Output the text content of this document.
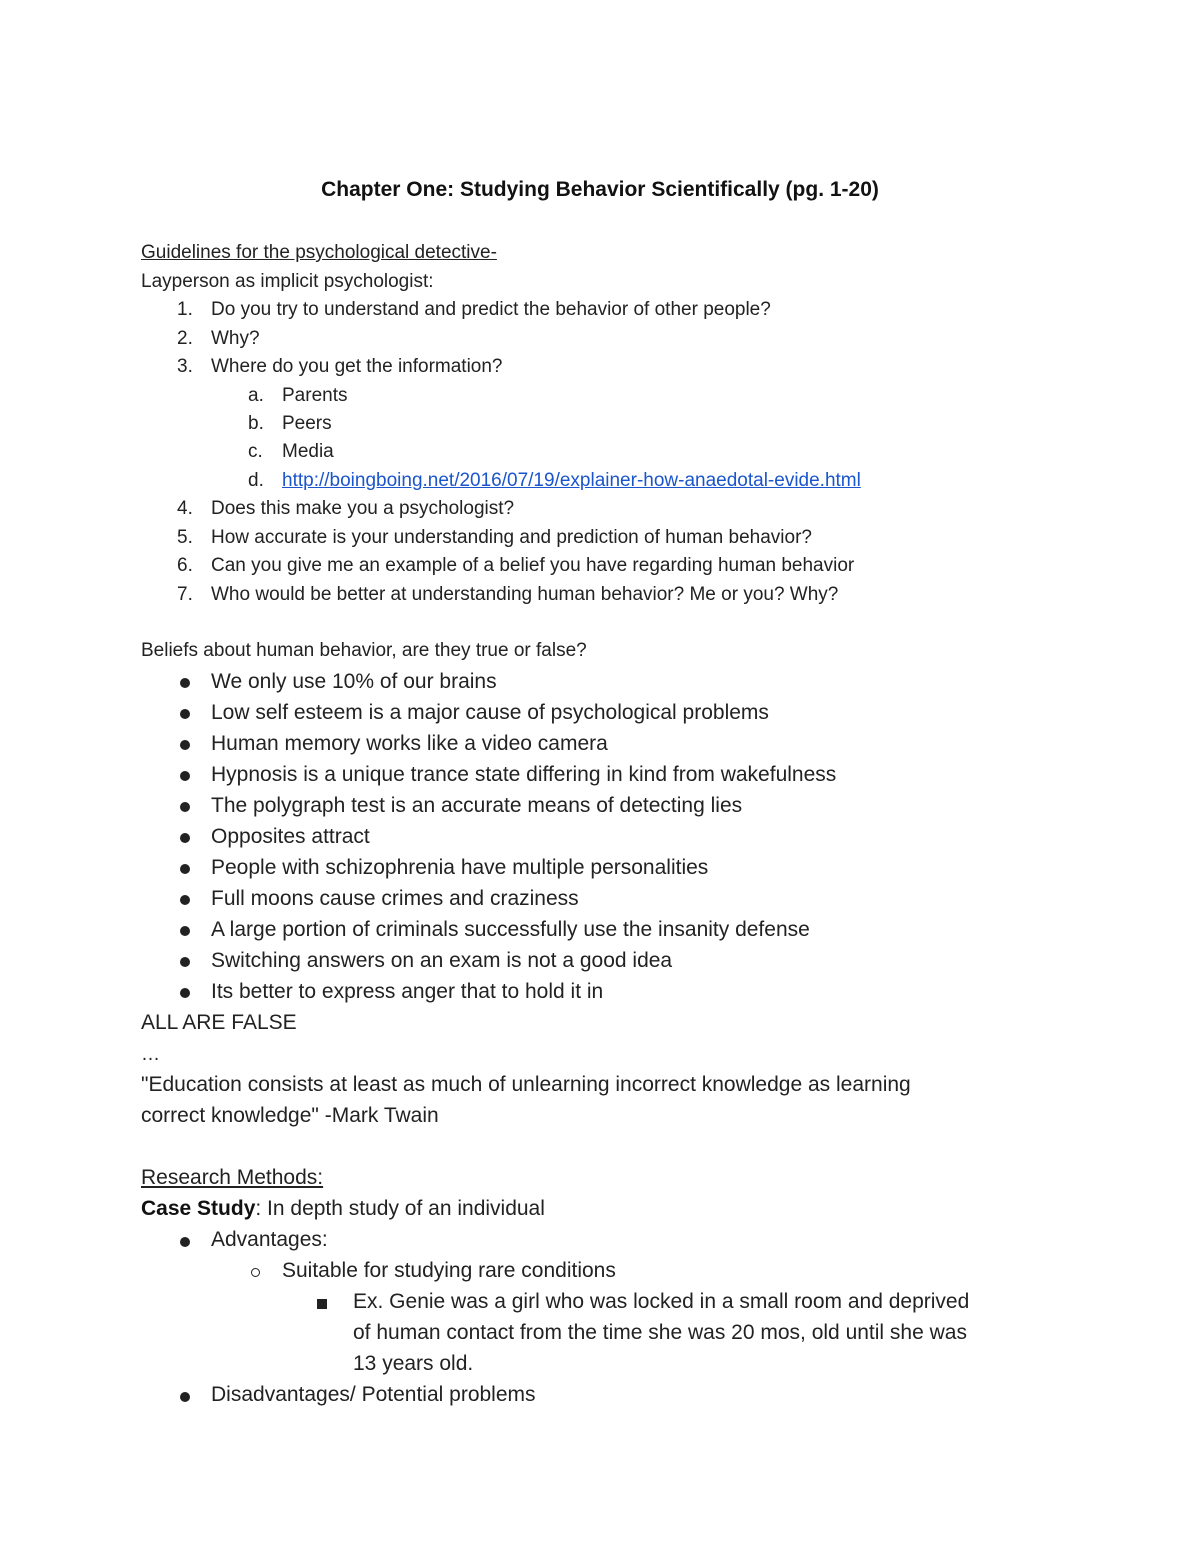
Chapter One: Studying Behavior Scientifically (pg. 1-20)
Guidelines for the psychological detective-
Layperson as implicit psychologist:
1. Do you try to understand and predict the behavior of other people?
2. Why?
3. Where do you get the information?
a. Parents
b. Peers
c. Media
d. http://boingboing.net/2016/07/19/explainer-how-anaedotal-evide.html
4. Does this make you a psychologist?
5. How accurate is your understanding and prediction of human behavior?
6. Can you give me an example of a belief you have regarding human behavior
7. Who would be better at understanding human behavior? Me or you? Why?
Beliefs about human behavior, are they true or false?
We only use 10% of our brains
Low self esteem is a major cause of psychological problems
Human memory works like a video camera
Hypnosis is a unique trance state differing in kind from wakefulness
The polygraph test is an accurate means of detecting lies
Opposites attract
People with schizophrenia have multiple personalities
Full moons cause crimes and craziness
A large portion of criminals successfully use the insanity defense
Switching answers on an exam is not a good idea
Its better to express anger that to hold it in
ALL ARE FALSE
…
"Education consists at least as much of unlearning incorrect knowledge as learning
correct knowledge" -Mark Twain
Research Methods:
Case Study: In depth study of an individual
Advantages:
Suitable for studying rare conditions
Ex. Genie was a girl who was locked in a small room and deprived
of human contact from the time she was 20 mos, old until she was
13 years old.
Disadvantages/ Potential problems
